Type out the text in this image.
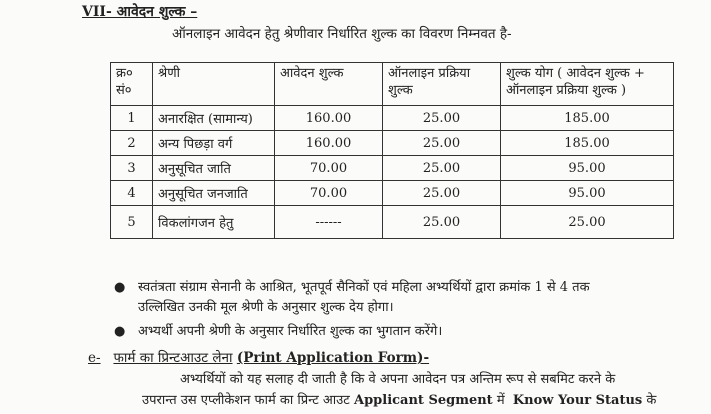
VII- आवेदन शुल्क –
ऑनलाइन आवेदन हेतु श्रेणीवार निर्धारित शुल्क का विवरण निम्नवत है-
क्र० सं०	श्रेणी	आवेदन शुल्क	ऑनलाइन प्रक्रिया शुल्क	शुल्क योग ( आवेदन शुल्क + ऑनलाइन प्रक्रिया शुल्क )
1	अनारक्षित (सामान्य)	160.00	25.00	185.00
2	अन्य पिछड़ा वर्ग	160.00	25.00	185.00
3	अनुसूचित जाति	70.00	25.00	95.00
4	अनुसूचित जनजाति	70.00	25.00	95.00
5	विकलांगजन हेतु	------	25.00	25.00
● स्वतंत्रता संग्राम सेनानी के आश्रित, भूतपूर्व सैनिकों एवं महिला अभ्यर्थियों द्वारा क्रमांक 1 से 4 तक
उल्लिखित उनकी मूल श्रेणी के अनुसार शुल्क देय होगा।
● अभ्यर्थी अपनी श्रेणी के अनुसार निर्धारित शुल्क का भुगतान करेंगे।
e- फार्म का प्रिन्टआउट लेना (Print Application Form)-
अभ्यर्थियों को यह सलाह दी जाती है कि वे अपना आवेदन पत्र अन्तिम रूप से सबमिट करने के
उपरान्त उस एप्लीकेशन फार्म का प्रिन्ट आउट Applicant Segment में Know Your Status के
